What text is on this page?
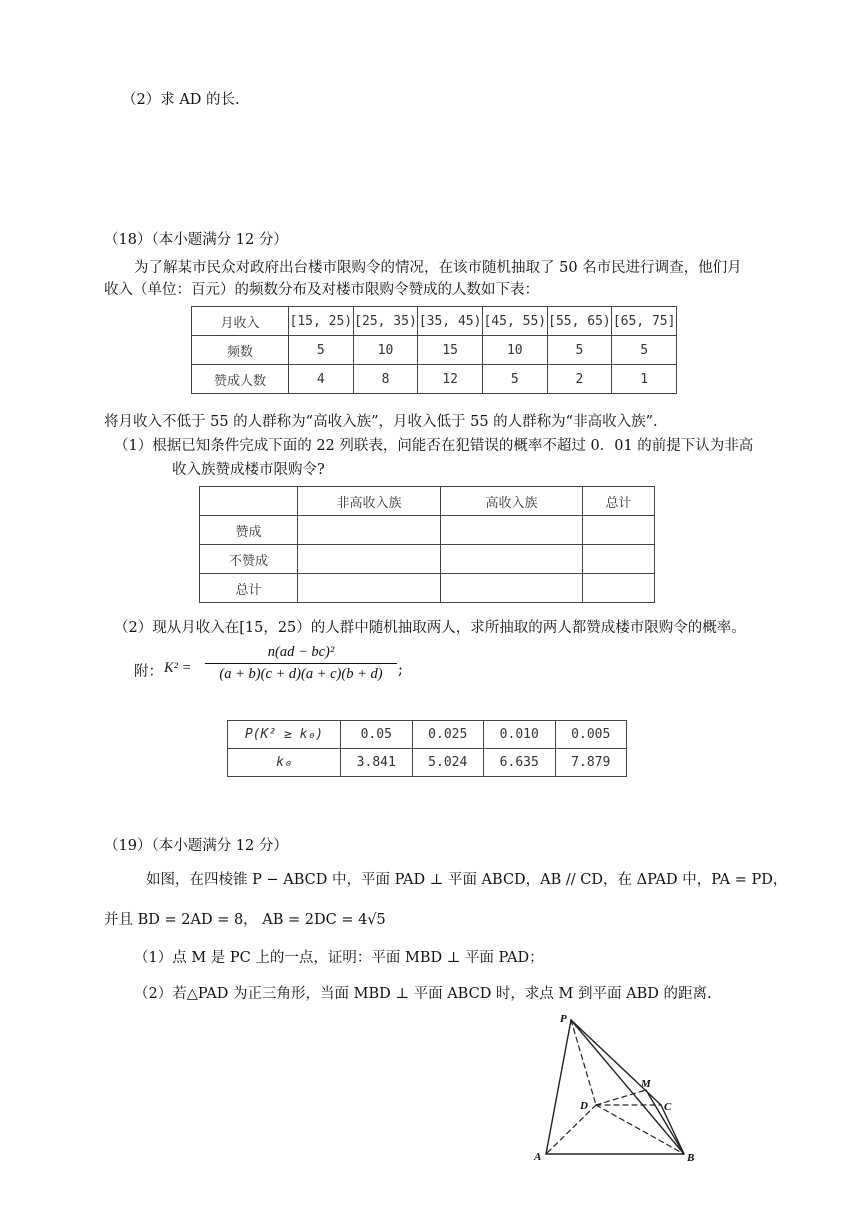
（2）求 AD 的长.
（18）（本小题满分 12 分）
为了解某市民众对政府出台楼市限购令的情况，在该市随机抽取了 50 名市民进行调查，他们月
收入（单位：百元）的频数分布及对楼市限购令赞成的人数如下表：
月收入	[15, 25)	[25, 35)	[35, 45)	[45, 55)	[55, 65)	[65, 75]
频数	5	10	15	10	5	5
赞成人数	4	8	12	5	2	1
将月收入不低于 55 的人群称为“高收入族”，月收入低于 55 的人群称为“非高收入族”.
（1）根据已知条件完成下面的 22 列联表，问能否在犯错误的概率不超过 0．01 的前提下认为非高
收入族赞成楼市限购令?
	非高收入族	高收入族	总计
赞成			
不赞成			
总计			
（2）现从月收入在[15，25）的人群中随机抽取两人，求所抽取的两人都赞成楼市限购令的概率。
附： $K^2 = \frac{\text{n(ad − bc)²}}{(a + b)(c + d)(a + c)(b + d)}$ ;
P(K² ≥ k₀)	0.05	0.025	0.010	0.005
k₀	3.841	5.024	6.635	7.879
（19）（本小题满分 12 分）
如图，在四棱锥 P − ABCD 中，平面 PAD ⊥ 平面 ABCD，AB // CD，在 ΔPAD 中，PA = PD，
并且 BD = 2AD = 8， AB = 2DC = 4√5
（1）点 M 是 PC 上的一点，证明：平面 MBD ⊥ 平面 PAD；
（2）若△PAD 为正三角形，当面 MBD ⊥ 平面 ABCD 时，求点 M 到平面 ABD 的距离.
P
M
D	C
A	B
